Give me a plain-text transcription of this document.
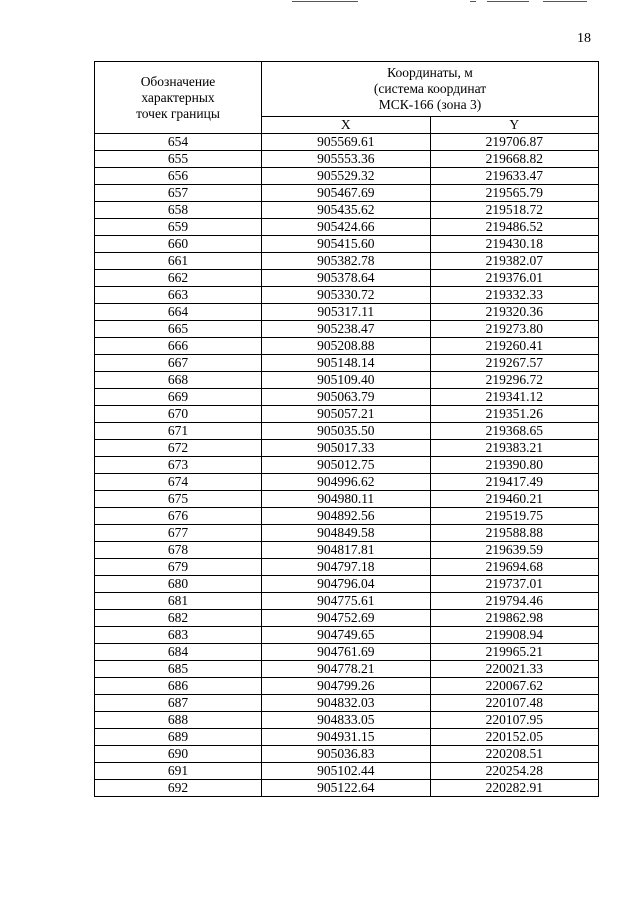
18
Обозначение
характерных
точек границы	Координаты, м
(система координат
МСК-166 (зона 3)	

	X	Y
654	905569.61	219706.87
655	905553.36	219668.82
656	905529.32	219633.47
657	905467.69	219565.79
658	905435.62	219518.72
659	905424.66	219486.52
660	905415.60	219430.18
661	905382.78	219382.07
662	905378.64	219376.01
663	905330.72	219332.33
664	905317.11	219320.36
665	905238.47	219273.80
666	905208.88	219260.41
667	905148.14	219267.57
668	905109.40	219296.72
669	905063.79	219341.12
670	905057.21	219351.26
671	905035.50	219368.65
672	905017.33	219383.21
673	905012.75	219390.80
674	904996.62	219417.49
675	904980.11	219460.21
676	904892.56	219519.75
677	904849.58	219588.88
678	904817.81	219639.59
679	904797.18	219694.68
680	904796.04	219737.01
681	904775.61	219794.46
682	904752.69	219862.98
683	904749.65	219908.94
684	904761.69	219965.21
685	904778.21	220021.33
686	904799.26	220067.62
687	904832.03	220107.48
688	904833.05	220107.95
689	904931.15	220152.05
690	905036.83	220208.51
691	905102.44	220254.28
692	905122.64	220282.91
